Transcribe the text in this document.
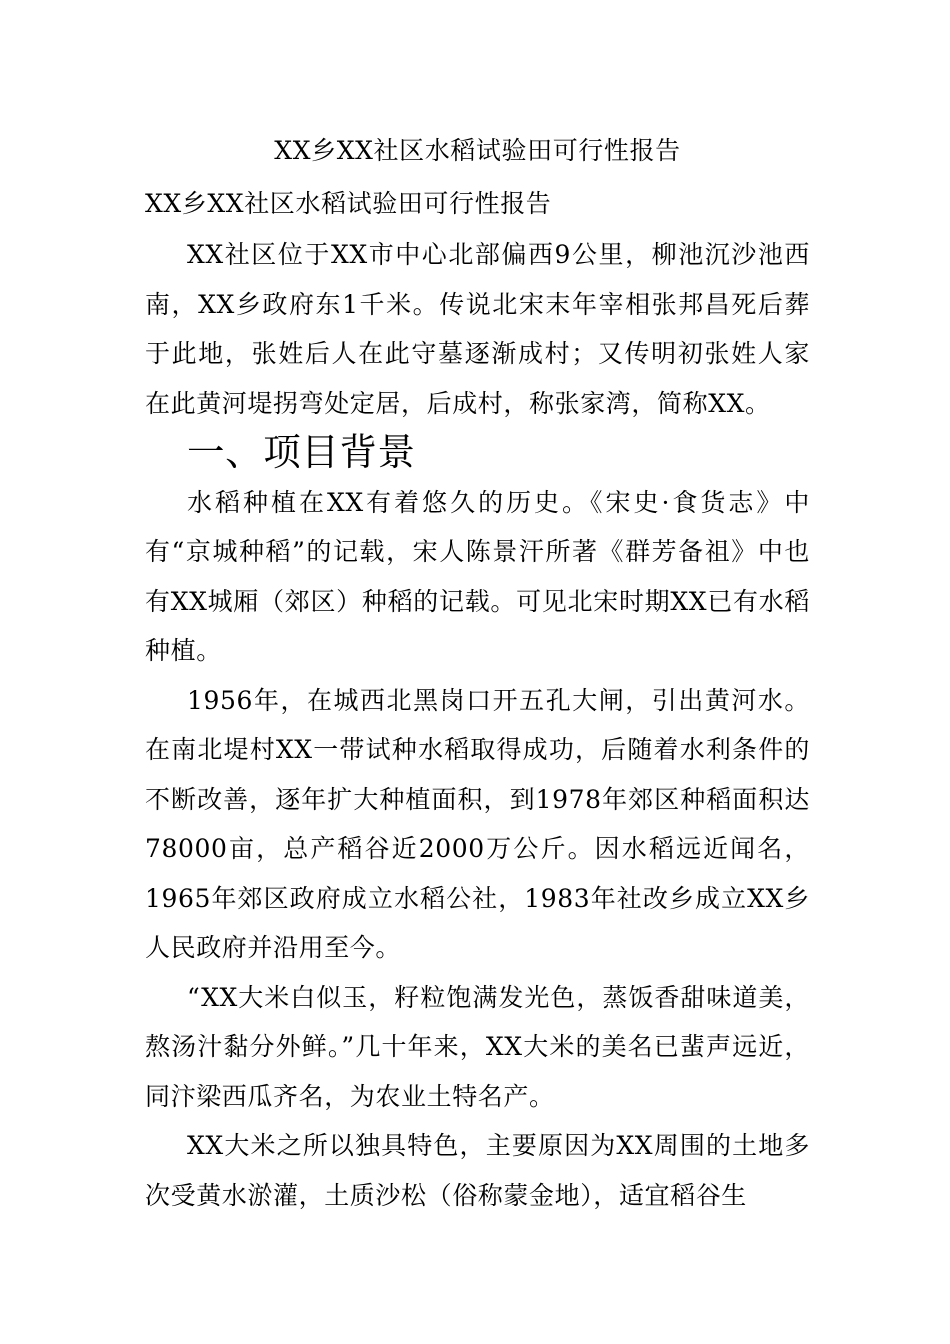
XX乡XX社区水稻试验田可行性报告

XX乡XX社区水稻试验田可行性报告

XX社区位于XX市中心北部偏西9公里，柳池沉沙池西南，XX乡政府东1千米。传说北宋末年宰相张邦昌死后葬于此地，张姓后人在此守墓逐渐成村；又传明初张姓人家在此黄河堤拐弯处定居，后成村，称张家湾，简称XX。

一、项目背景

水稻种植在XX有着悠久的历史。《宋史·食货志》中有“京城种稻”的记载，宋人陈景汗所著《群芳备祖》中也有XX城厢（郊区）种稻的记载。可见北宋时期XX已有水稻种植。

1956年，在城西北黑岗口开五孔大闸，引出黄河水。在南北堤村XX一带试种水稻取得成功，后随着水利条件的不断改善，逐年扩大种植面积，到1978年郊区种稻面积达78000亩，总产稻谷近2000万公斤。因水稻远近闻名，1965年郊区政府成立水稻公社，1983年社改乡成立XX乡人民政府并沿用至今。

“XX大米白似玉，籽粒饱满发光色，蒸饭香甜味道美，熬汤汁黏分外鲜。”几十年来，XX大米的美名已蜚声远近，同汴梁西瓜齐名，为农业土特名产。

XX大米之所以独具特色，主要原因为XX周围的土地多次受黄水淤灌，土质沙松（俗称蒙金地），适宜稻谷生
